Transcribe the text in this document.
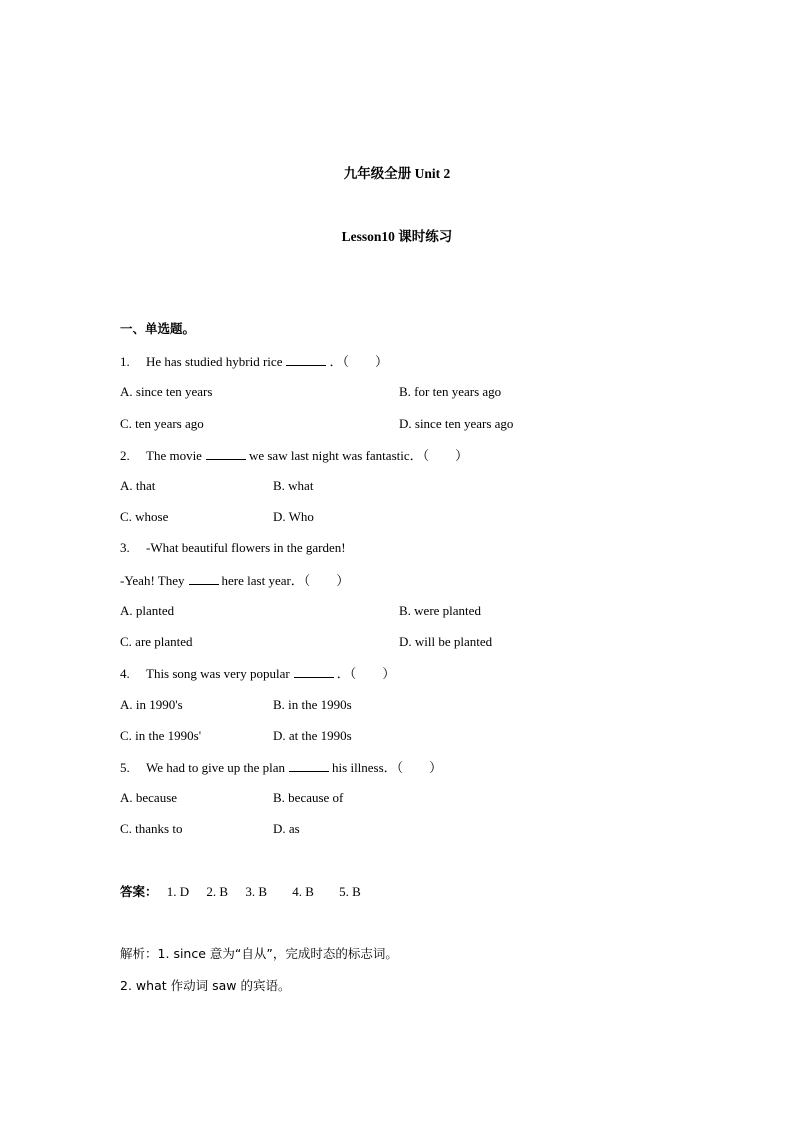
九年级全册 Unit 2
Lesson10 课时练习
一、单选题。
1. He has studied hybrid rice	．（　　）
A. since ten years	B. for ten years ago
C. ten years ago	D. since ten years ago
2. The movie	we saw last night was fantastic．（　　）
A. that	B. what
C. whose	D. Who
3. -What beautiful flowers in the garden!
-Yeah! They	here last year．（　　）
A. planted	B. were planted
C. are planted	D. will be planted
4. This song was very popular	．（　　）
A. in 1990's	B. in the 1990s
C. in the 1990s'	D. at the 1990s
5. We had to give up the plan	his illness．（　　）
A. because	B. because of
C. thanks to	D. as
答案： 1. D 2. B 3. B 4. B 5. B
解析：1. since 意为“自从”，完成时态的标志词。
2. what 作动词 saw 的宾语。
